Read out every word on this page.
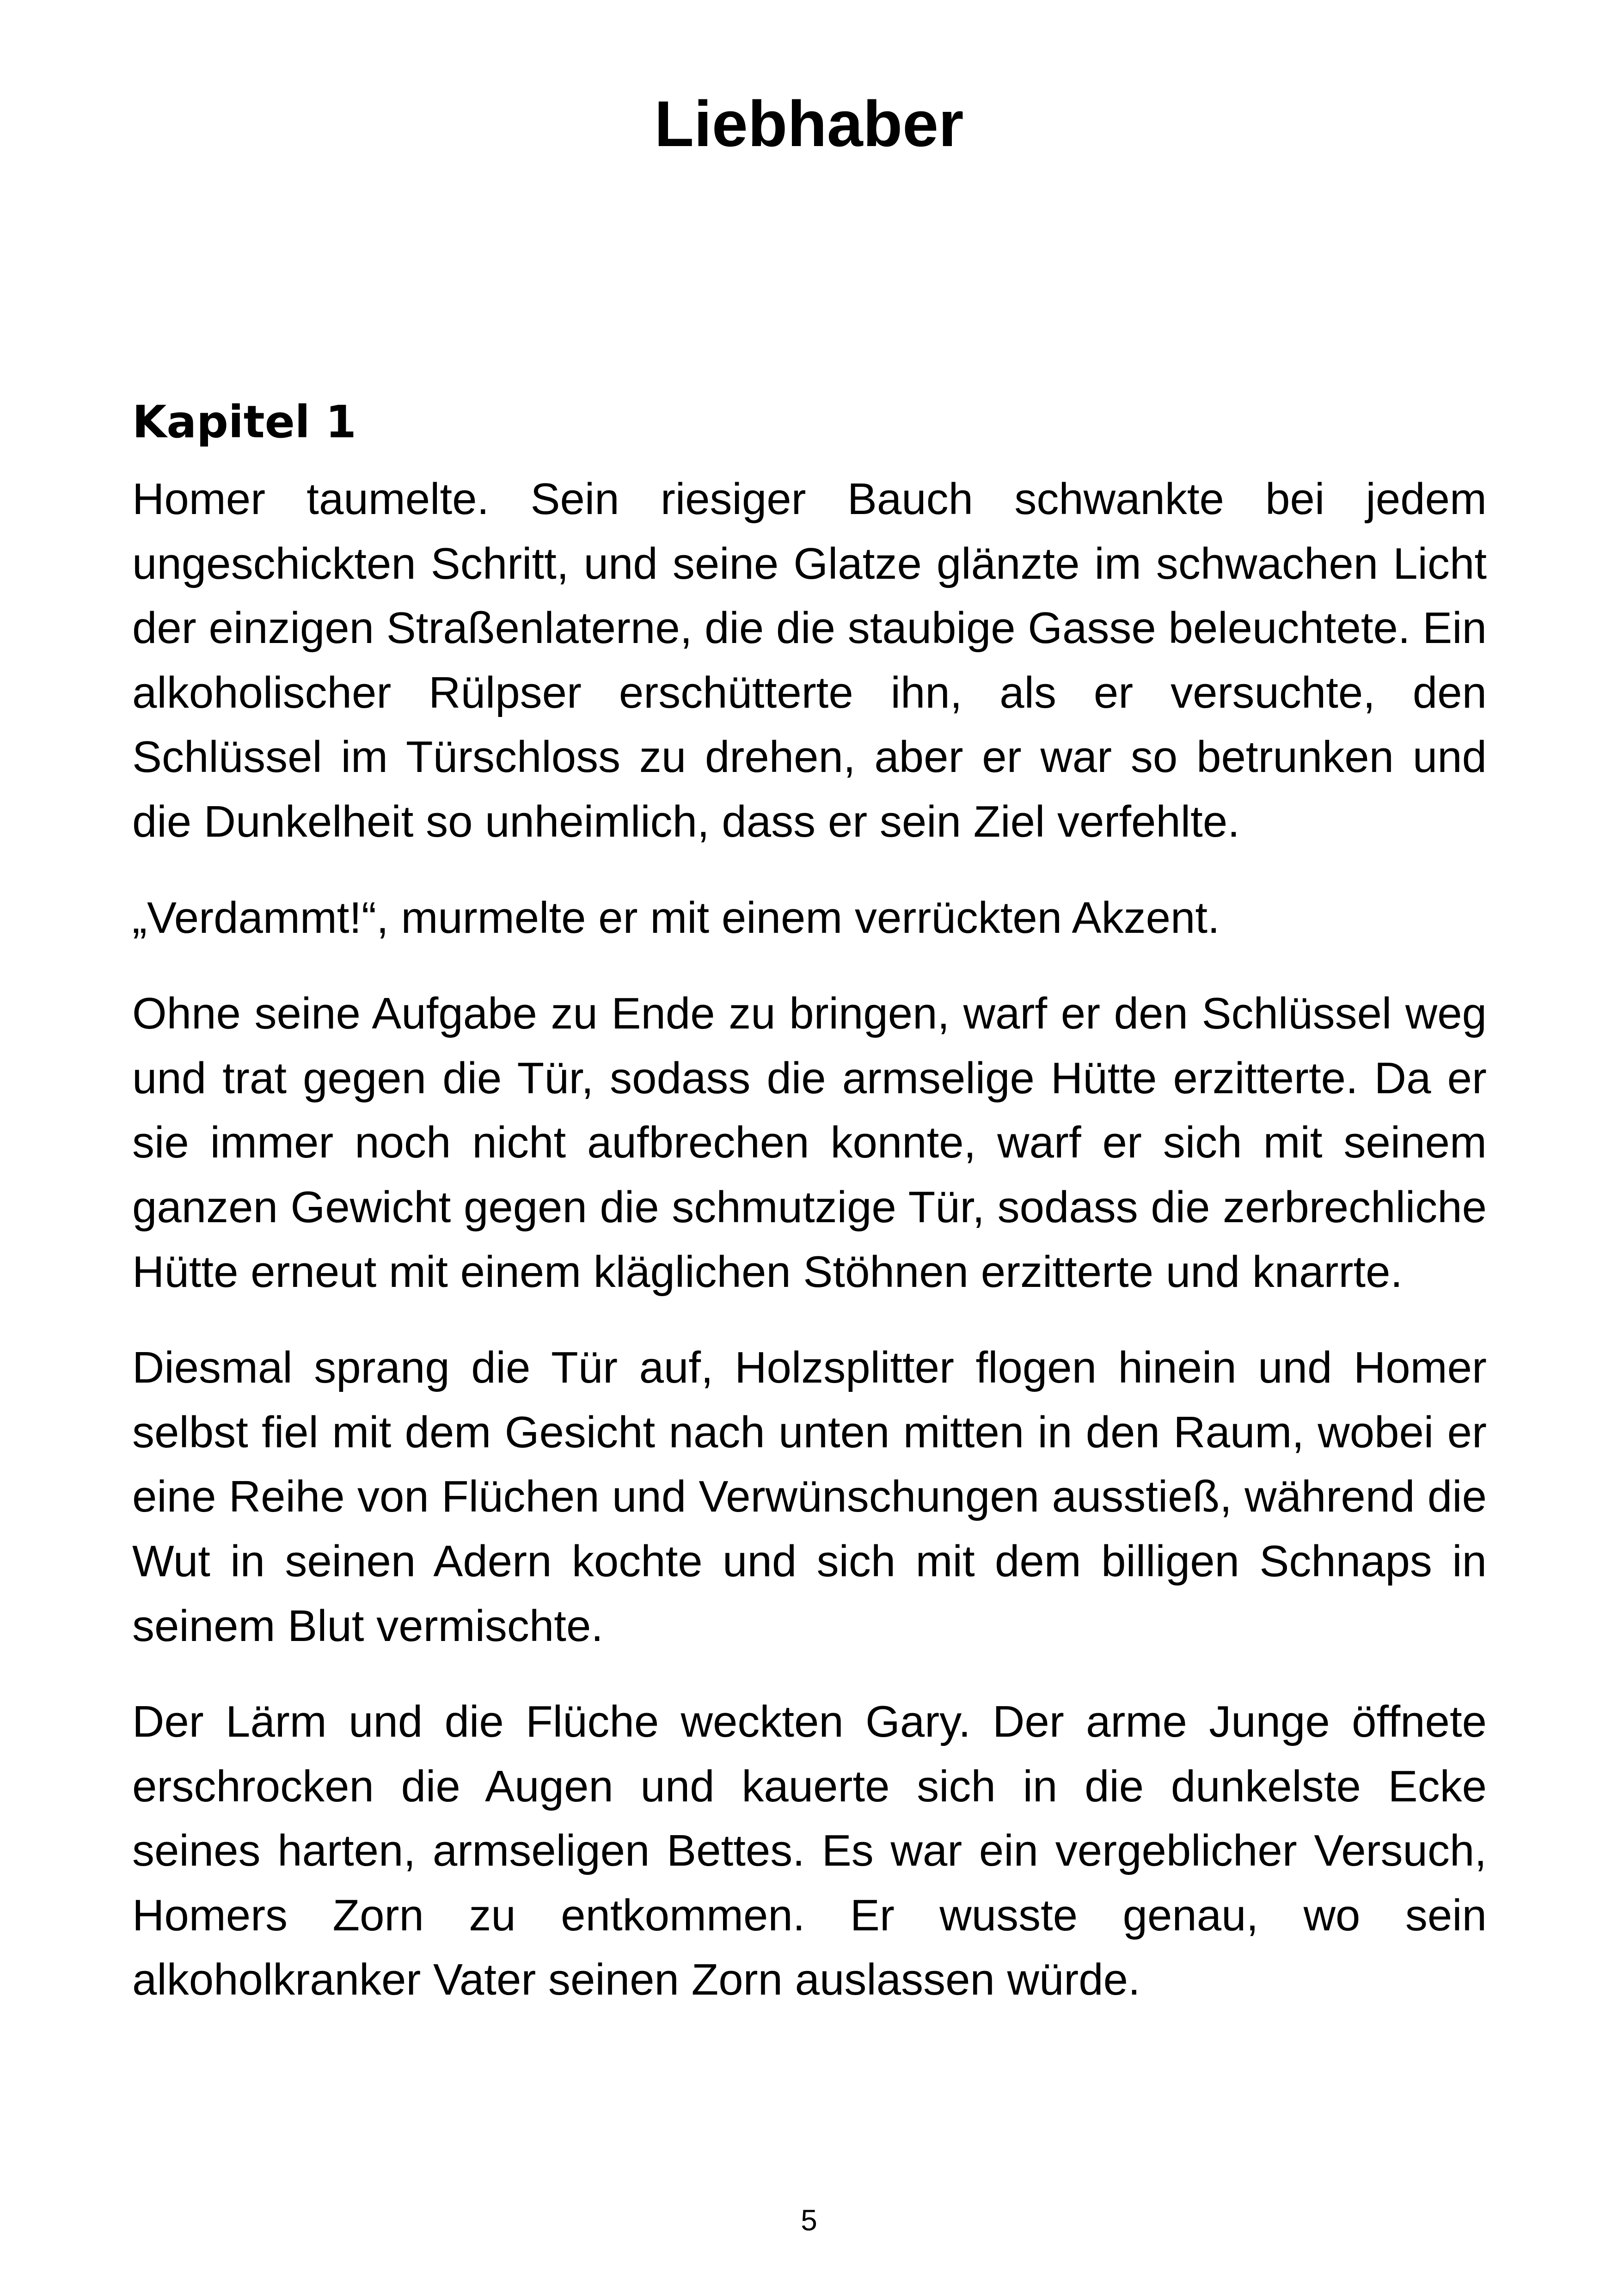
Liebhaber
Kapitel 1

Homer taumelte. Sein riesiger Bauch schwankte bei jedem ungeschickten Schritt, und seine Glatze glänzte im schwachen Licht der einzigen Straßenlaterne, die die staubige Gasse beleuchtete. Ein alkoholischer Rülpser erschütterte ihn, als er versuchte, den Schlüssel im Türschloss zu drehen, aber er war so betrunken und die Dunkelheit so unheimlich, dass er sein Ziel verfehlte.

„Verdammt!“, murmelte er mit einem verrückten Akzent.

Ohne seine Aufgabe zu Ende zu bringen, warf er den Schlüssel weg und trat gegen die Tür, sodass die armselige Hütte erzitterte. Da er sie immer noch nicht aufbrechen konnte, warf er sich mit seinem ganzen Gewicht gegen die schmutzige Tür, sodass die zerbrechliche Hütte erneut mit einem kläglichen Stöhnen erzitterte und knarrte.

Diesmal sprang die Tür auf, Holzsplitter flogen hinein und Homer selbst fiel mit dem Gesicht nach unten mitten in den Raum, wobei er eine Reihe von Flüchen und Verwünschungen ausstieß, während die Wut in seinen Adern kochte und sich mit dem billigen Schnaps in seinem Blut vermischte.

Der Lärm und die Flüche weckten Gary. Der arme Junge öffnete erschrocken die Augen und kauerte sich in die dunkelste Ecke seines harten, armseligen Bettes. Es war ein vergeblicher Versuch, Homers Zorn zu entkommen. Er wusste genau, wo sein alkoholkranker Vater seinen Zorn auslassen würde.

5
